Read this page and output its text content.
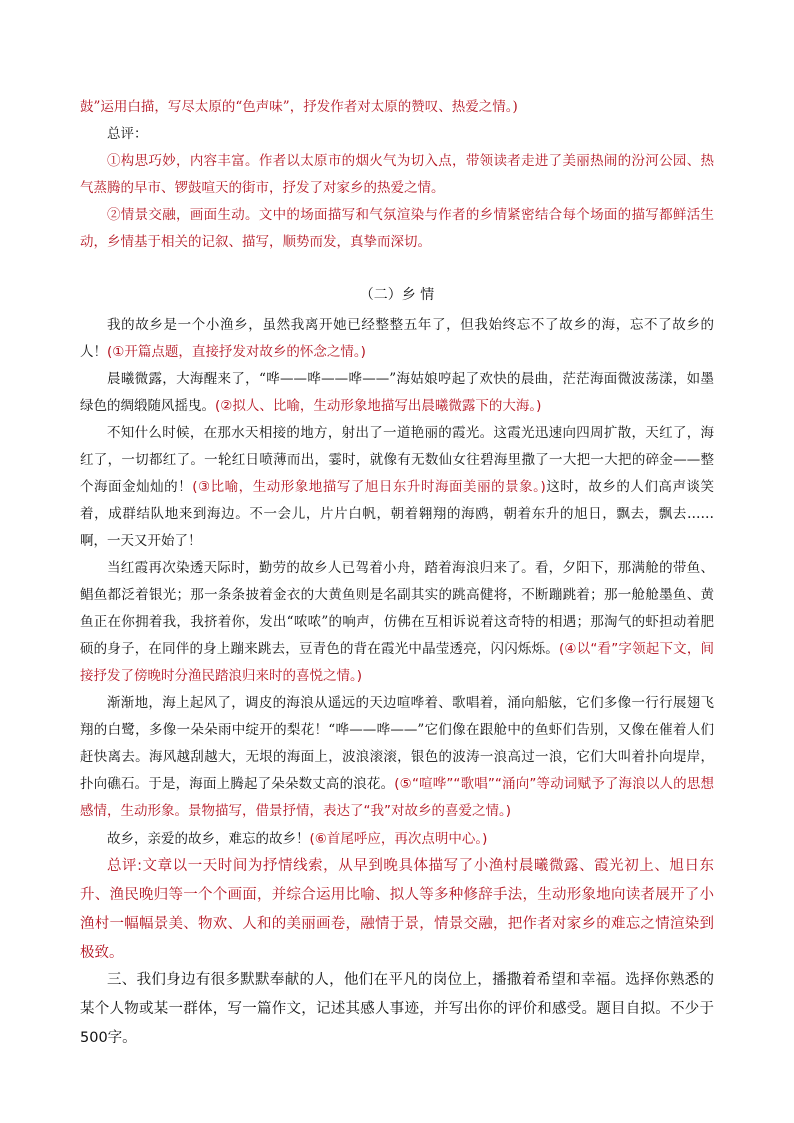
鼓”运用白描，写尽太原的“色声味”，抒发作者对太原的赞叹、热爱之情。)

总评：

①构思巧妙，内容丰富。作者以太原市的烟火气为切入点，带领读者走进了美丽热闹的汾河公园、热气蒸腾的早市、锣鼓喧天的街市，抒发了对家乡的热爱之情。

②情景交融，画面生动。文中的场面描写和气氛渲染与作者的乡情紧密结合每个场面的描写都鲜活生动，乡情基于相关的记叙、描写，顺势而发，真挚而深切。

（二）乡 情

我的故乡是一个小渔乡，虽然我离开她已经整整五年了，但我始终忘不了故乡的海，忘不了故乡的人！(①开篇点题，直接抒发对故乡的怀念之情。)

晨曦微露，大海醒来了，“哗——哗——哗——”海姑娘哼起了欢快的晨曲，茫茫海面微波荡漾，如墨绿色的绸缎随风摇曳。(②拟人、比喻，生动形象地描写出晨曦微露下的大海。)

不知什么时候，在那水天相接的地方，射出了一道艳丽的霞光。这霞光迅速向四周扩散，天红了，海红了，一切都红了。一轮红日喷薄而出，霎时，就像有无数仙女往碧海里撒了一大把一大把的碎金——整个海面金灿灿的！(③比喻，生动形象地描写了旭日东升时海面美丽的景象。)这时，故乡的人们高声谈笑着，成群结队地来到海边。不一会儿，片片白帆，朝着翱翔的海鸥，朝着东升的旭日，飘去，飘去……啊，一天又开始了！

当红霞再次染透天际时，勤劳的故乡人已驾着小舟，踏着海浪归来了。看，夕阳下，那满舱的带鱼、鲳鱼都泛着银光；那一条条披着金衣的大黄鱼则是名副其实的跳高健将，不断蹦跳着；那一舱舱墨鱼、黄鱼正在你拥着我，我挤着你，发出“哝哝”的响声，仿佛在互相诉说着这奇特的相遇；那淘气的虾担动着肥硕的身子，在同伴的身上蹦来跳去，豆青色的背在霞光中晶莹透亮，闪闪烁烁。(④以“看”字领起下文，间接抒发了傍晚时分渔民踏浪归来时的喜悦之情。)

渐渐地，海上起风了，调皮的海浪从遥远的天边喧哗着、歌唱着，涌向船舷，它们多像一行行展翅飞翔的白鹭，多像一朵朵雨中绽开的梨花！“哗——哗——”它们像在跟舱中的鱼虾们告别，又像在催着人们赶快离去。海风越刮越大，无垠的海面上，波浪滚滚，银色的波涛一浪高过一浪，它们大叫着扑向堤岸，扑向礁石。于是，海面上腾起了朵朵数丈高的浪花。(⑤“喧哗”“歌唱”“涌向”等动词赋予了海浪以人的思想感情，生动形象。景物描写，借景抒情，表达了“我”对故乡的喜爱之情。)

故乡，亲爱的故乡，难忘的故乡！(⑥首尾呼应，再次点明中心。)

总评:文章以一天时间为抒情线索，从早到晚具体描写了小渔村晨曦微露、霞光初上、旭日东升、渔民晚归等一个个画面，并综合运用比喻、拟人等多种修辞手法，生动形象地向读者展开了小渔村一幅幅景美、物欢、人和的美丽画卷，融情于景，情景交融，把作者对家乡的难忘之情渲染到极致。

三、我们身边有很多默默奉献的人，他们在平凡的岗位上，播撒着希望和幸福。选择你熟悉的某个人物或某一群体，写一篇作文，记述其感人事迹，并写出你的评价和感受。题目自拟。不少于 500字。
